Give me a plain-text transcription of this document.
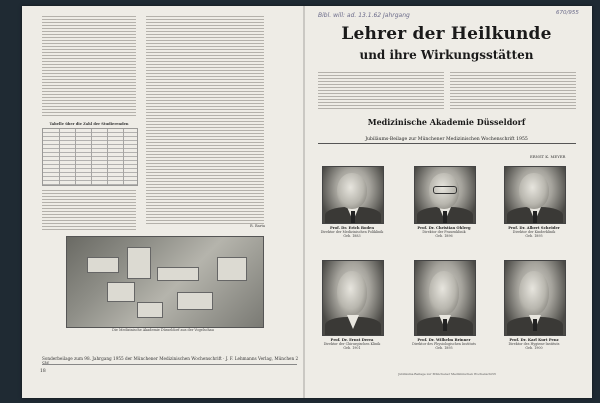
Tabelle über die Zahl der Studierenden
R. Barta
Die Medizinische Akademie Düsseldorf aus der Vogelschau
Sonderbeilage zum 98. Jahrgang 1955 der Münchener Medizinischen Wochenschrift · J. F. Lehmanns Verlag, München 2
18
Bibl. will: ad. 13.1.62 Jahrgang	670/955
Lehrer der Heilkunde
und ihre Wirkungsstätten
Medizinische Akademie Düsseldorf
Jubiläums-Beilage zur Münchener Medizinischen Wochenschrift 1955
ERNST K. MEYER
Prof. Dr. Erich Boden
Direktor der Medizinischen Poliklinik
Geb. 1883
Prof. Dr. Christian Ohlerg
Direktor der Frauenklinik
Geb. 1896
Prof. Dr. Albert Schröder
Direktor der Kinderklinik
Geb. 1895
Prof. Dr. Ernst Derra
Direktor der Chirurgischen Klinik
Geb. 1901
Prof. Dr. Wilhelm Brinner
Direktor des Physiologischen Instituts
Geb. 1895
Prof. Dr. Karl Kurt Penz
Direktor des Hygiene-Instituts
Geb. 1900
Jubiläums-Beilage zur Münchener Medizinischen Wochenschrift
